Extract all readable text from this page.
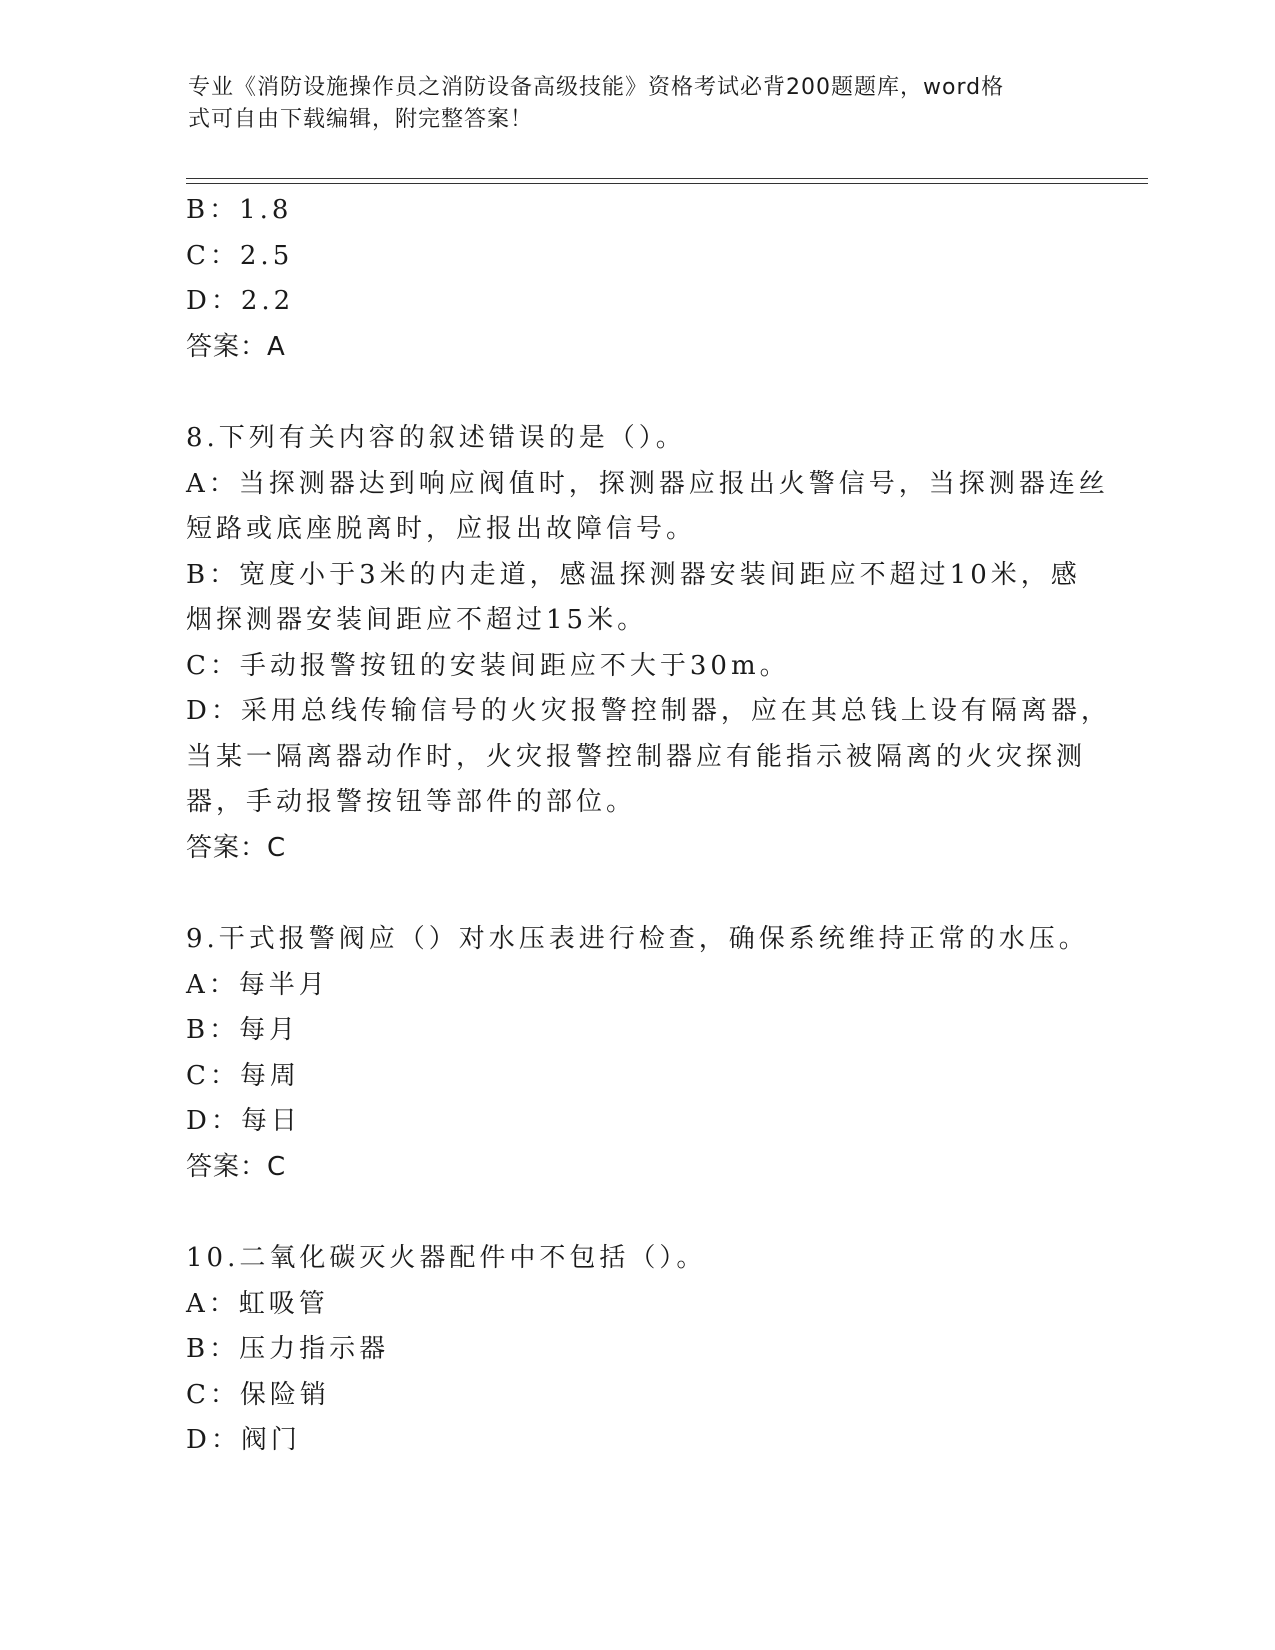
专业《消防设施操作员之消防设备高级技能》资格考试必背200题题库，word格
式可自由下载编辑，附完整答案！
B：1.8
C：2.5
D：2.2
答案：A
8.下列有关内容的叙述错误的是（）。
A：当探测器达到响应阀值时，探测器应报出火警信号，当探测器连丝
短路或底座脱离时，应报出故障信号。
B：宽度小于3米的内走道，感温探测器安装间距应不超过10米，感
烟探测器安装间距应不超过15米。
C：手动报警按钮的安装间距应不大于30m。
D：采用总线传输信号的火灾报警控制器，应在其总钱上设有隔离器，
当某一隔离器动作时，火灾报警控制器应有能指示被隔离的火灾探测
器，手动报警按钮等部件的部位。
答案：C
9.干式报警阀应（）对水压表进行检查，确保系统维持正常的水压。
A：每半月
B：每月
C：每周
D：每日
答案：C
10.二氧化碳灭火器配件中不包括（）。
A：虹吸管
B：压力指示器
C：保险销
D：阀门
